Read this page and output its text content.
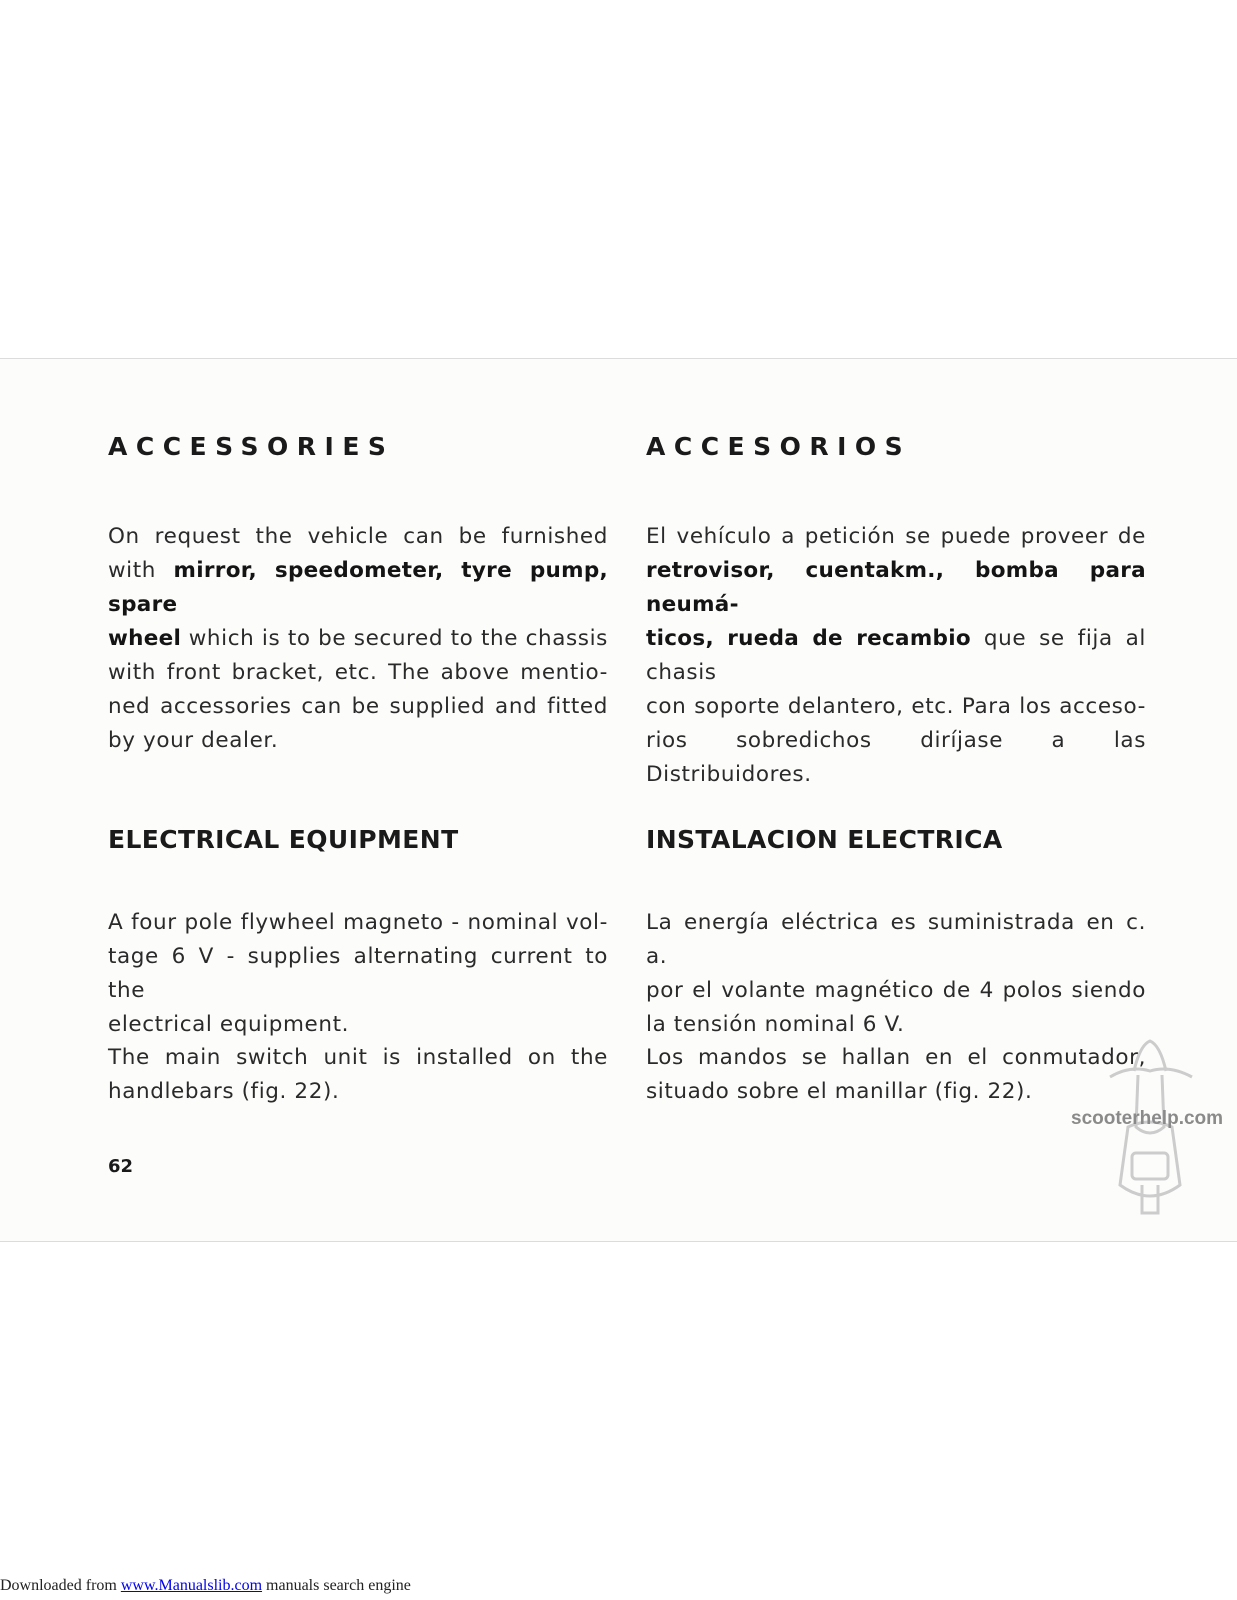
ACCESSORIES
On request the vehicle can be furnished
with mirror, speedometer, tyre pump, spare
wheel which is to be secured to the chassis
with front bracket, etc. The above mentio-
ned accessories can be supplied and fitted
by your dealer.
ACCESORIOS
El vehículo a petición se puede proveer de
retrovisor, cuentakm., bomba para neumá-
ticos, rueda de recambio que se fija al chasis
con soporte delantero, etc. Para los acceso-
rios sobredichos diríjase a las Distribuidores.
ELECTRICAL EQUIPMENT
A four pole flywheel magneto - nominal vol-
tage 6 V - supplies alternating current to the
electrical equipment.
The main switch unit is installed on the
handlebars (fig. 22).
INSTALACION ELECTRICA
La energía eléctrica es suministrada en c. a.
por el volante magnético de 4 polos siendo
la tensión nominal 6 V.
Los mandos se hallan en el conmutador,
situado sobre el manillar (fig. 22).
62
scooterhelp.com
Downloaded from www.Manualslib.com manuals search engine
